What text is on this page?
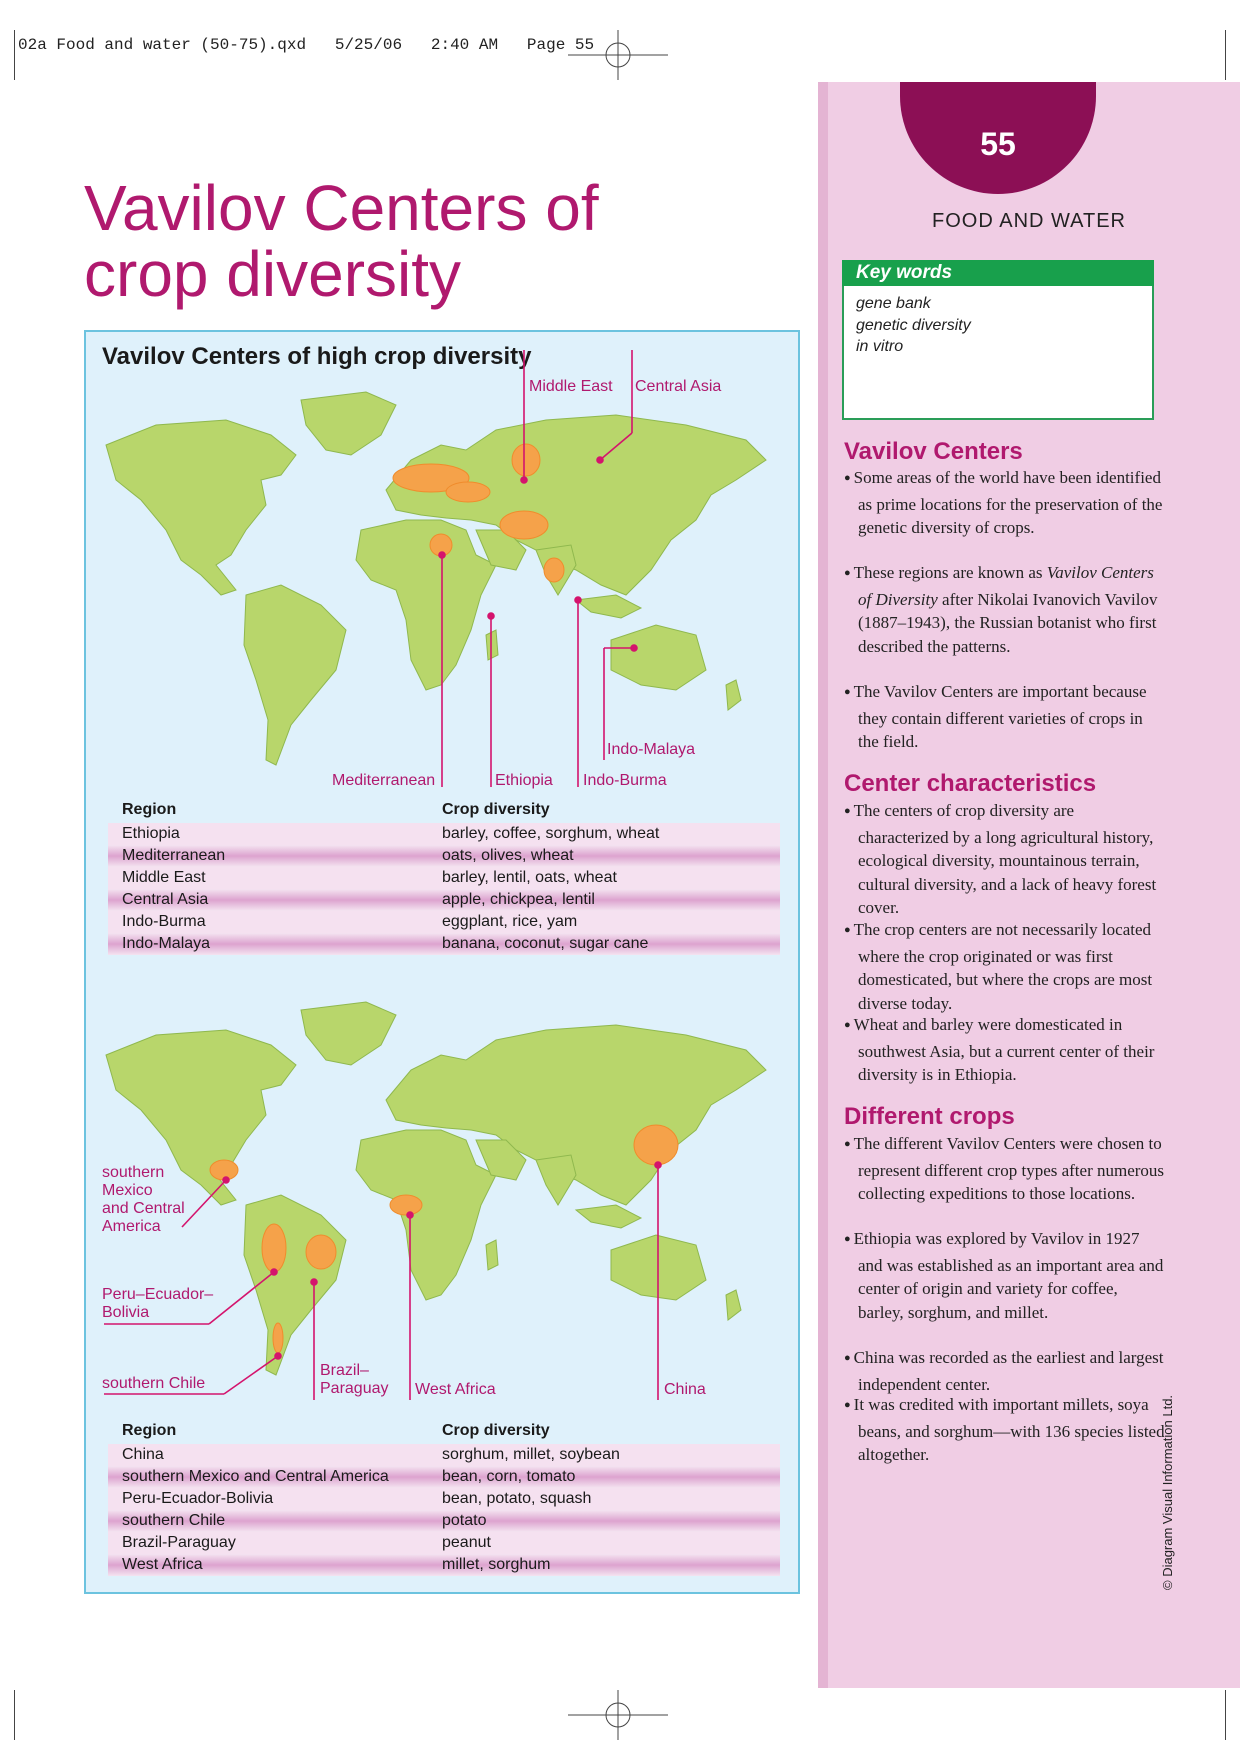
02a Food and water (50-75).qxd   5/25/06   2:40 AM   Page 55
Vavilov Centers of
crop diversity
Vavilov Centers of high crop diversity
Middle East Central Asia
Mediterranean	Ethiopia Indo-Burma
Indo-Malaya
Region	Crop diversity
Ethiopia	barley, coffee, sorghum, wheat
Mediterranean	oats, olives, wheat
Middle East	barley, lentil, oats, wheat
Central Asia	apple, chickpea, lentil
Indo-Burma	eggplant, rice, yam
Indo-Malaya	banana, coconut, sugar cane
southern
Mexico
and Central
America
Peru–Ecuador–
Bolivia
southern Chile
Brazil–
Paraguay West Africa	China
Region	Crop diversity
China	sorghum, millet, soybean
southern Mexico and Central America	bean, corn, tomato
Peru-Ecuador-Bolivia	bean, potato, squash
southern Chile	potato
Brazil-Paraguay	peanut
West Africa	millet, sorghum
55
FOOD AND WATER
Key words
gene bank
genetic diversity
in vitro
Vavilov Centers
● Some areas of the world have been identified as prime locations for the preservation of the genetic diversity of crops.
● These regions are known as Vavilov Centers of Diversity after Nikolai Ivanovich Vavilov (1887–1943), the Russian botanist who first described the patterns.
● The Vavilov Centers are important because they contain different varieties of crops in the field.
Center characteristics
● The centers of crop diversity are characterized by a long agricultural history, ecological diversity, mountainous terrain, cultural diversity, and a lack of heavy forest cover.
● The crop centers are not necessarily located where the crop originated or was first domesticated, but where the crops are most diverse today.
● Wheat and barley were domesticated in southwest Asia, but a current center of their diversity is in Ethiopia.
Different crops
● The different Vavilov Centers were chosen to represent different crop types after numerous collecting expeditions to those locations.
● Ethiopia was explored by Vavilov in 1927 and was established as an important area and center of origin and variety for coffee, barley, sorghum, and millet.
● China was recorded as the earliest and largest independent center.
● It was credited with important millets, soya beans, and sorghum—with 136 species listed altogether.	© Diagram Visual Information Ltd.
